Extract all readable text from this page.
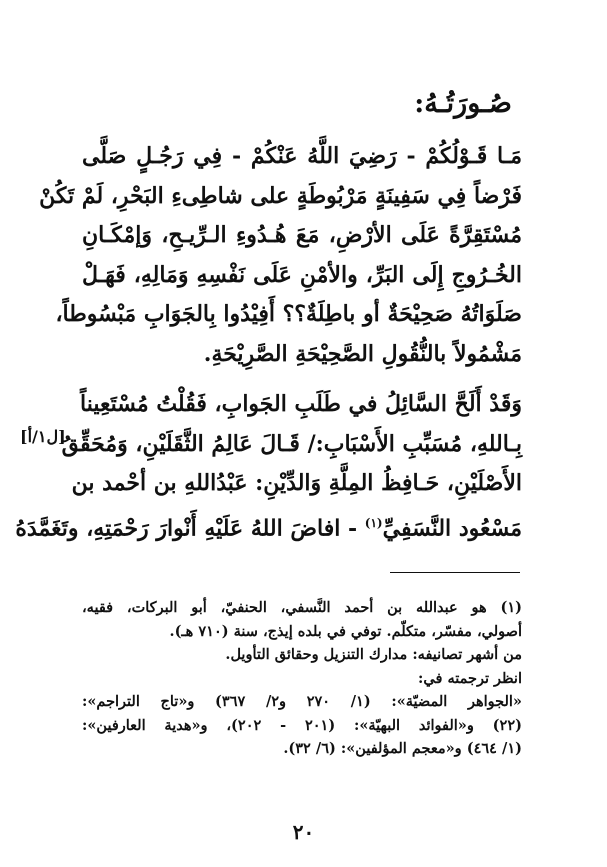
صُـورَتُـهُ:
مَـا قَـوْلُكُمْ - رَضِيَ اللَّهُ عَنْكُمْ - فِي رَجُـلٍ صَلَّى
فَرْضاً فِي سَفِينَةٍ مَرْبُوطَةٍ على شاطِىءِ البَحْرِ، لَمْ تَكُنْ
مُسْتَقِرَّةً عَلَى الأرْضِ، مَعَ هُـدُوءِ الـرِّيـحِ، وَإمْكَـانِ
الخُـرُوجِ إِلَى البَرِّ، والأمْنِ عَلَى نَفْسِهِ وَمَالِهِ، فَهَـلْ
صَلَوَاتُهُ صَحِيْحَةٌ أو باطِلَةٌ؟؟ أَفِيْدُوا بِالجَوَابِ مَبْسُوطاً،
مَشْمُولاً بالنُّقُولِ الصَّحِيْحَةِ الصَّرِيْحَةِ.
وَقَدْ أَلَحَّ السَّائِلُ في طَلَبِ الجَوابِ، فَقُلْتُ مُسْتَعِيناً
بِـاللهِ، مُسَبِّبِ الأَسْبَابِ:/ قَـالَ عَالِمُ الثَّقَلَيْنِ، وَمُحَقِّقُ
الأَصْلَيْنِ، حَـافِظُ المِلَّةِ وَالدِّيْنِ: عَبْدُاللهِ بن أحْمد بن
مَسْعُود النَّسَفِيِّ$^{(١)}$ - افاضَ اللهُ عَلَيْهِ أَنْوارَ رَحْمَتِهِ، وتَغَمَّدَهُ
[ل١/أ]
(١) هو عبدالله بن أحمد النَّسفي، الحنفيّ، أبو البركات، فقيه،
أصولي، مفسّر، متكلّم. توفي في بلده إيذج، سنة (٧١٠ هـ).
من أشهر تصانيفه: مدارك التنزيل وحقائق التأويل.
انظر ترجمته في:
«الجواهر المضيّة»: (١/ ٢٧٠ و٢/ ٣٦٧) و«تاج التراجم»:
(٢٢) و«الفوائد البهيّة»: (٢٠١ - ٢٠٢)، و«هدية العارفين»:
(١/ ٤٦٤) و«معجم المؤلفين»: (٦/ ٣٢).
٢٠
